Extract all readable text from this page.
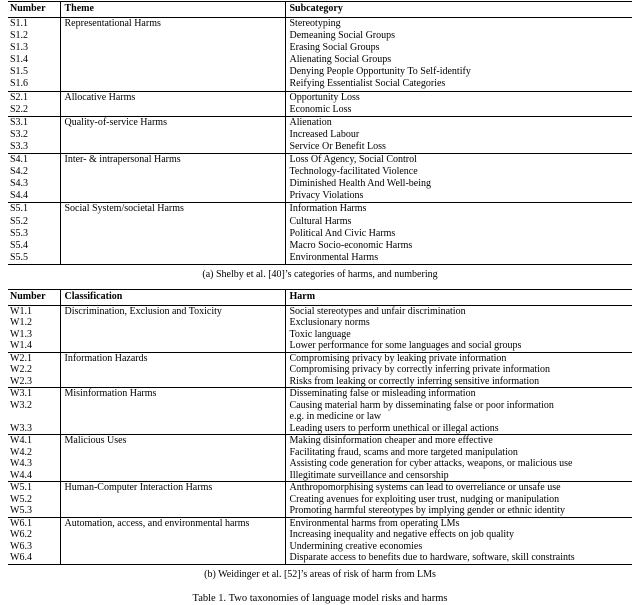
Number	Theme	Subcategory
S1.1	Representational Harms	Stereotyping
S1.2		Demeaning Social Groups
S1.3		Erasing Social Groups
S1.4		Alienating Social Groups
S1.5		Denying People Opportunity To Self-identify
S1.6		Reifying Essentialist Social Categories
S2.1	Allocative Harms	Opportunity Loss
S2.2		Economic Loss
S3.1	Quality-of-service Harms	Alienation
S3.2		Increased Labour
S3.3		Service Or Benefit Loss
S4.1	Inter- & intrapersonal Harms	Loss Of Agency, Social Control
S4.2		Technology-facilitated Violence
S4.3		Diminished Health And Well-being
S4.4		Privacy Violations
S5.1	Social System/societal Harms	Information Harms
S5.2		Cultural Harms
S5.3		Political And Civic Harms
S5.4		Macro Socio-economic Harms
S5.5		Environmental Harms
(a) Shelby et al. [40]’s categories of harms, and numbering
Number	Classification	Harm
W1.1	Discrimination, Exclusion and Toxicity	Social stereotypes and unfair discrimination
W1.2		Exclusionary norms
W1.3		Toxic language
W1.4		Lower performance for some languages and social groups
W2.1	Information Hazards	Compromising privacy by leaking private information
W2.2		Compromising privacy by correctly inferring private information
W2.3		Risks from leaking or correctly inferring sensitive information
W3.1	Misinformation Harms	Disseminating false or misleading information
W3.2		Causing material harm by disseminating false or poor information
		e.g. in medicine or law
W3.3		Leading users to perform unethical or illegal actions
W4.1	Malicious Uses	Making disinformation cheaper and more effective
W4.2		Facilitating fraud, scams and more targeted manipulation
W4.3		Assisting code generation for cyber attacks, weapons, or malicious use
W4.4		Illegitimate surveillance and censorship
W5.1	Human-Computer Interaction Harms	Anthropomorphising systems can lead to overreliance or unsafe use
W5.2		Creating avenues for exploiting user trust, nudging or manipulation
W5.3		Promoting harmful stereotypes by implying gender or ethnic identity
W6.1	Automation, access, and environmental harms	Environmental harms from operating LMs
W6.2		Increasing inequality and negative effects on job quality
W6.3		Undermining creative economies
W6.4		Disparate access to benefits due to hardware, software, skill constraints
(b) Weidinger et al. [52]’s areas of risk of harm from LMs
Table 1. Two taxonomies of language model risks and harms
